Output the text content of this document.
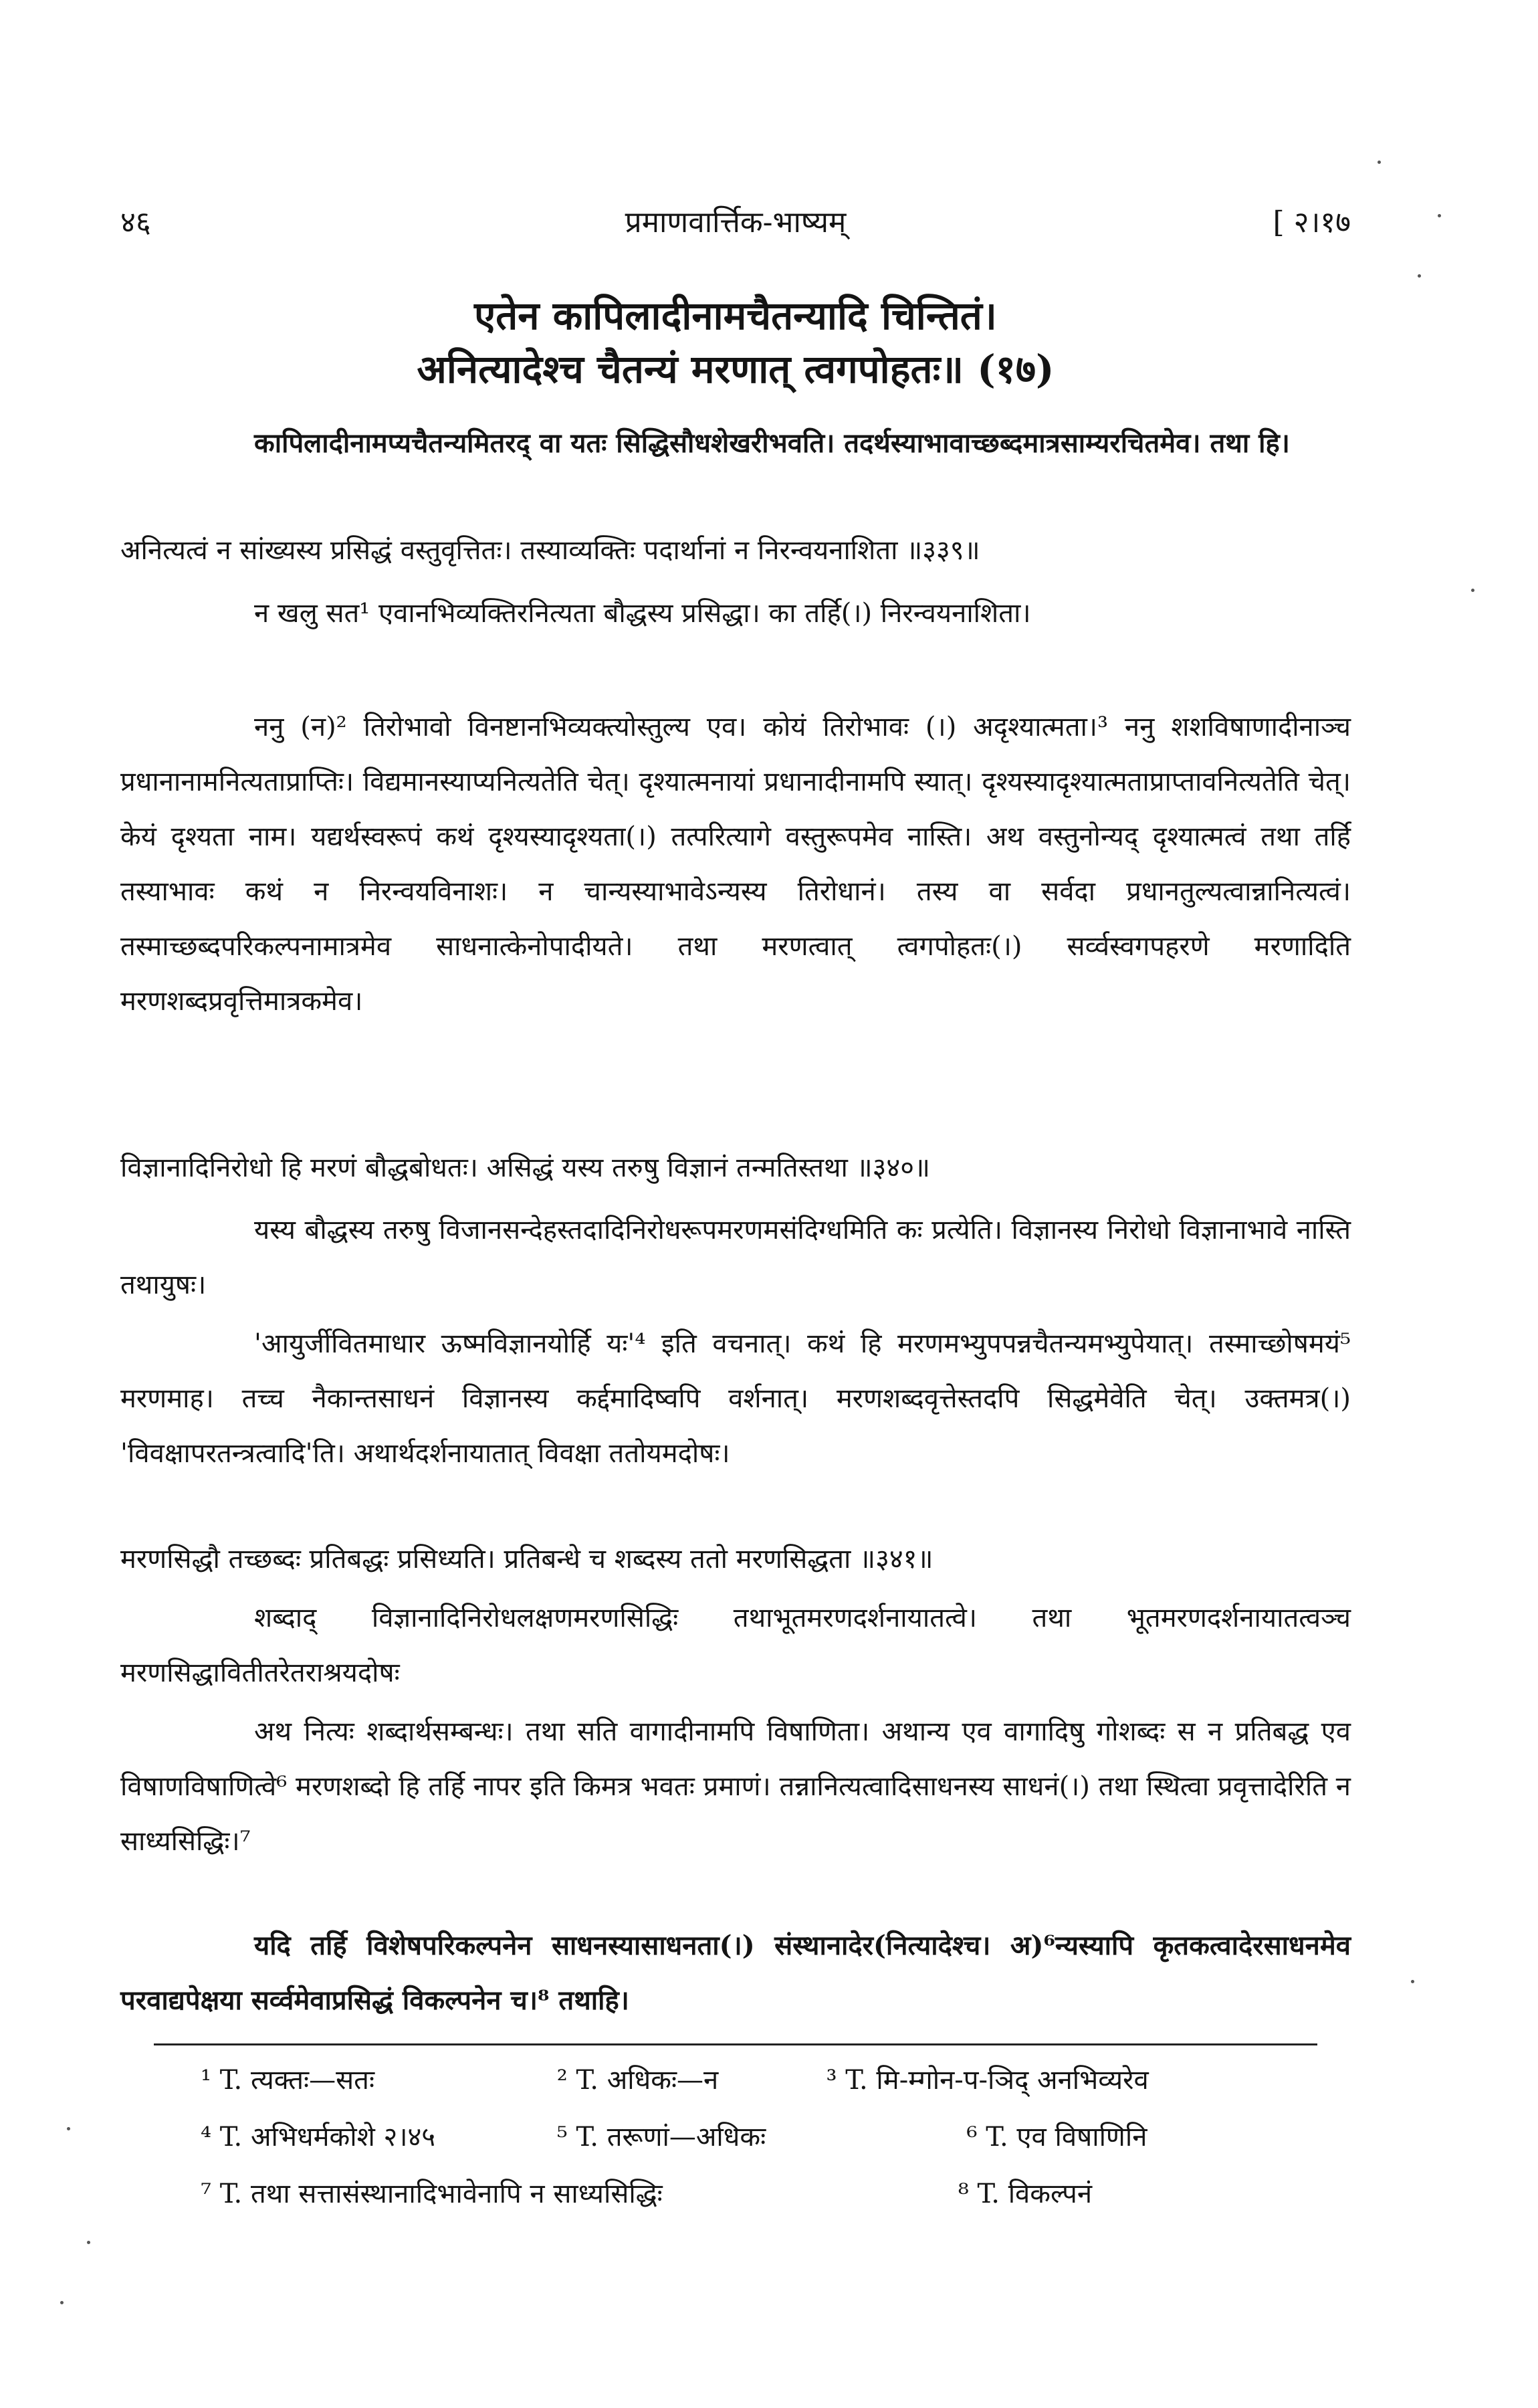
४६	प्रमाणवार्त्तिक-भाष्यम्	[ २।१७
एतेन कापिलादीनामचैतन्यादि चिन्तितं।
अनित्यादेश्च चैतन्यं मरणात् त्वगपोहतः॥ (१७)
कापिलादीनामप्यचैतन्यमितरद् वा यतः सिद्धिसौधशेखरीभवति। तदर्थस्याभावाच्छब्दमात्रसाम्यरचितमेव। तथा हि।
अनित्यत्वं न सांख्यस्य प्रसिद्धं वस्तुवृत्तितः। तस्याव्यक्तिः पदार्थानां न निरन्वयनाशिता ॥३३९॥
न खलु सत¹ एवानभिव्यक्तिरनित्यता बौद्धस्य प्रसिद्धा। का तर्हि(।) निरन्वयनाशिता।
ननु (न)² तिरोभावो विनष्टानभिव्यक्त्योस्तुल्य एव। कोयं तिरोभावः (।) अदृश्यात्मता।³ ननु शशविषाणादीनाञ्च प्रधानानामनित्यताप्राप्तिः। विद्यमानस्याप्यनित्यतेति चेत्। दृश्यात्मनायां प्रधानादीनामपि स्यात्। दृश्यस्यादृश्यात्मताप्राप्तावनित्यतेति चेत्। केयं दृश्यता नाम। यद्यर्थस्वरूपं कथं दृश्यस्यादृश्यता(।) तत्परित्यागे वस्तुरूपमेव नास्ति। अथ वस्तुनोन्यद् दृश्यात्मत्वं तथा तर्हि तस्याभावः कथं न निरन्वयविनाशः। न चान्यस्याभावेऽन्यस्य तिरोधानं। तस्य वा सर्वदा प्रधानतुल्यत्वान्नानित्यत्वं। तस्माच्छब्दपरिकल्पनामात्रमेव साधनात्केनोपादीयते। तथा मरणत्वात् त्वगपोहतः(।) सर्व्वस्वगपहरणे मरणादिति मरणशब्दप्रवृत्तिमात्रकमेव।
विज्ञानादिनिरोधो हि मरणं बौद्धबोधतः। असिद्धं यस्य तरुषु विज्ञानं तन्मतिस्तथा ॥३४०॥
यस्य बौद्धस्य तरुषु विजानसन्देहस्तदादिनिरोधरूपमरणमसंदिग्धमिति कः प्रत्येति। विज्ञानस्य निरोधो विज्ञानाभावे नास्ति तथायुषः।
'आयुर्जीवितमाधार ऊष्मविज्ञानयोर्हि यः'⁴ इति वचनात्। कथं हि मरणमभ्युपपन्नचैतन्यमभ्युपेयात्। तस्माच्छोषमयं⁵ मरणमाह। तच्च नैकान्तसाधनं विज्ञानस्य कर्द्दमादिष्वपि वर्शनात्। मरणशब्दवृत्तेस्तदपि सिद्धमेवेति चेत्। उक्तमत्र(।) 'विवक्षापरतन्त्रत्वादि'ति। अथार्थदर्शनायातात् विवक्षा ततोयमदोषः।
मरणसिद्धौ तच्छब्दः प्रतिबद्धः प्रसिध्यति। प्रतिबन्धे च शब्दस्य ततो मरणसिद्धता ॥३४१॥
शब्दाद् विज्ञानादिनिरोधलक्षणमरणसिद्धिः तथाभूतमरणदर्शनायातत्वे। तथा भूतमरणदर्शनायातत्वञ्च मरणसिद्धावितीतरेतराश्रयदोषः
अथ नित्यः शब्दार्थसम्बन्धः। तथा सति वागादीनामपि विषाणिता। अथान्य एव वागादिषु गोशब्दः स न प्रतिबद्ध एव विषाणविषाणित्वे⁶ मरणशब्दो हि तर्हि नापर इति किमत्र भवतः प्रमाणं। तन्नानित्यत्वादिसाधनस्य साधनं(।) तथा स्थित्वा प्रवृत्तादेरिति न साध्यसिद्धिः।⁷
यदि तर्हि विशेषपरिकल्पनेन साधनस्यासाधनता(।) संस्थानादेर(नित्यादेश्च। अ)⁶न्यस्यापि कृतकत्वादेरसाधनमेव परवाद्यपेक्षया सर्व्वमेवाप्रसिद्धं विकल्पनेन च।⁸ तथाहि।
¹ T. त्यक्तः—सतः	² T. अधिकः—न	³ T. मि-म्गोन-प-ञिद् अनभिव्यरेव
⁴ T. अभिधर्मकोशे २।४५	⁵ T. तरूणां—अधिकः	⁶ T. एव विषाणिनि
⁷ T. तथा सत्तासंस्थानादिभावेनापि न साध्यसिद्धिः	⁸ T. विकल्पनं
